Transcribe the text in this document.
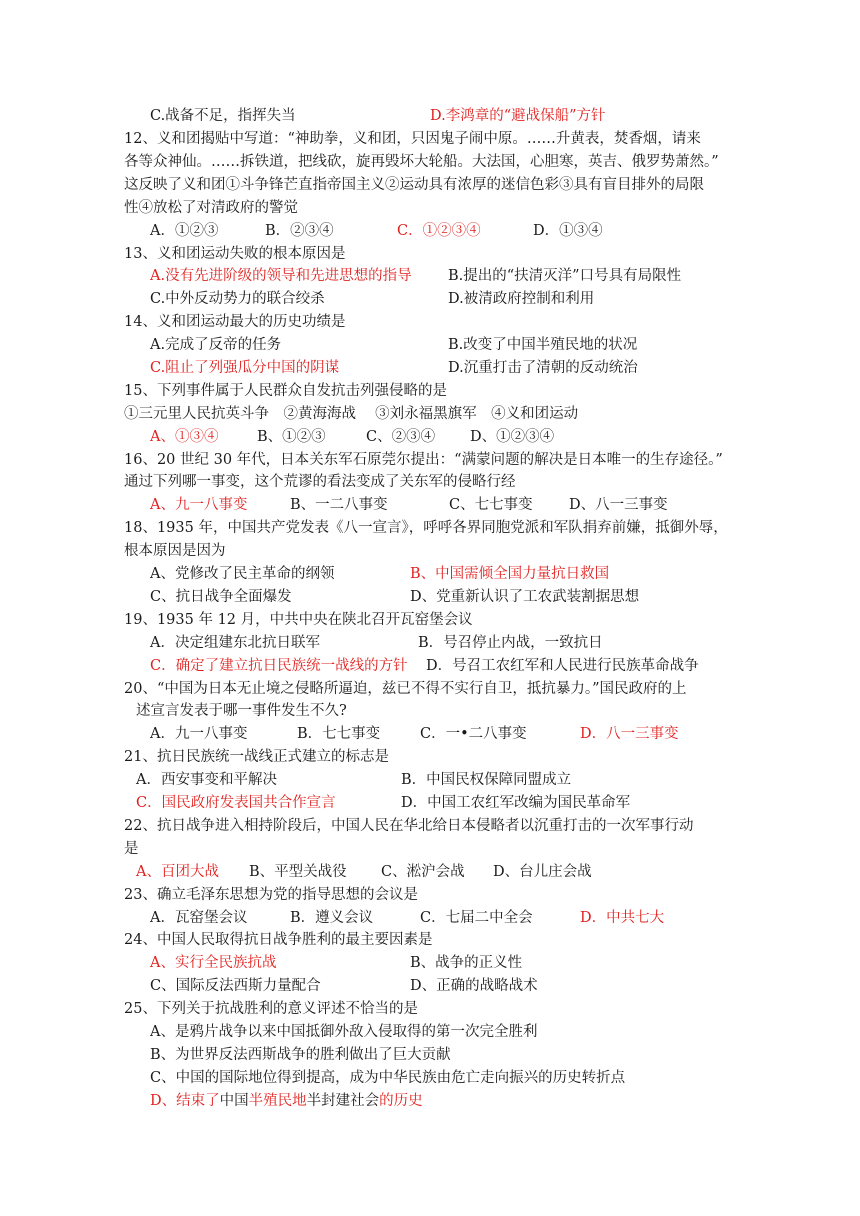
C.战备不足，指挥失当	D.李鸿章的“避战保船”方针
12、义和团揭贴中写道：“神助拳，义和团，只因鬼子闹中原。……升黄表，焚香烟，请来
各等众神仙。……拆铁道，把线砍，旋再毁坏大轮船。大法国，心胆寒，英吉、俄罗势萧然。”
这反映了义和团①斗争锋芒直指帝国主义②运动具有浓厚的迷信色彩③具有盲目排外的局限
性④放松了对清政府的警觉
A．①②③	B．②③④	C．①②③④	D．①③④
13、义和团运动失败的根本原因是
A.没有先进阶级的领导和先进思想的指导	B.提出的“扶清灭洋”口号具有局限性
C.中外反动势力的联合绞杀	D.被清政府控制和利用
14、义和团运动最大的历史功绩是
A.完成了反帝的任务	B.改变了中国半殖民地的状况
C.阻止了列强瓜分中国的阴谋	D.沉重打击了清朝的反动统治
15、下列事件属于人民群众自发抗击列强侵略的是
①三元里人民抗英斗争　②黄海海战　 ③刘永福黑旗军　④义和团运动
A、①③④	B、①②③	C、②③④ D、①②③④
16、20 世纪 30 年代，日本关东军石原莞尔提出：“满蒙问题的解决是日本唯一的生存途径。”
通过下列哪一事变，这个荒谬的看法变成了关东军的侵略行经
A、九一八事变	B、一二八事变	C、七七事变	D、八一三事变
18、1935 年，中国共产党发表《八一宣言》，呼呼各界同胞党派和军队捐弃前嫌，抵御外辱，
根本原因是因为
A、党修改了民主革命的纲领	B、中国需倾全国力量抗日救国
C、抗日战争全面爆发	D、党重新认识了工农武装割据思想
19、1935 年 12 月，中共中央在陕北召开瓦窑堡会议
A．决定组建东北抗日联军	B．号召停止内战，一致抗日
C．确定了建立抗日民族统一战线的方针 D．号召工农红军和人民进行民族革命战争
20、“中国为日本无止境之侵略所逼迫，兹已不得不实行自卫，抵抗暴力。”国民政府的上
述宣言发表于哪一事件发生不久?
A．九一八事变	B．七七事变	C．一•二八事变	D．八一三事变
21、抗日民族统一战线正式建立的标志是
A．西安事变和平解决	B．中国民权保障同盟成立
C．国民政府发表国共合作宣言	D．中国工农红军改编为国民革命军
22、抗日战争进入相持阶段后，中国人民在华北给日本侵略者以沉重打击的一次军事行动
是
A、百团大战 B、平型关战役 C、淞沪会战 D、台儿庄会战
23、确立毛泽东思想为党的指导思想的会议是
A．瓦窑堡会议	B．遵义会议	C．七届二中全会	D．中共七大
24、中国人民取得抗日战争胜利的最主要因素是
A、实行全民族抗战	B、战争的正义性
C、国际反法西斯力量配合	D、正确的战略战术
25、下列关于抗战胜利的意义评述不恰当的是
A、是鸦片战争以来中国抵御外敌入侵取得的第一次完全胜利
B、为世界反法西斯战争的胜利做出了巨大贡献
C、中国的国际地位得到提高，成为中华民族由危亡走向振兴的历史转折点
D、结束了中国半殖民地半封建社会的历史
